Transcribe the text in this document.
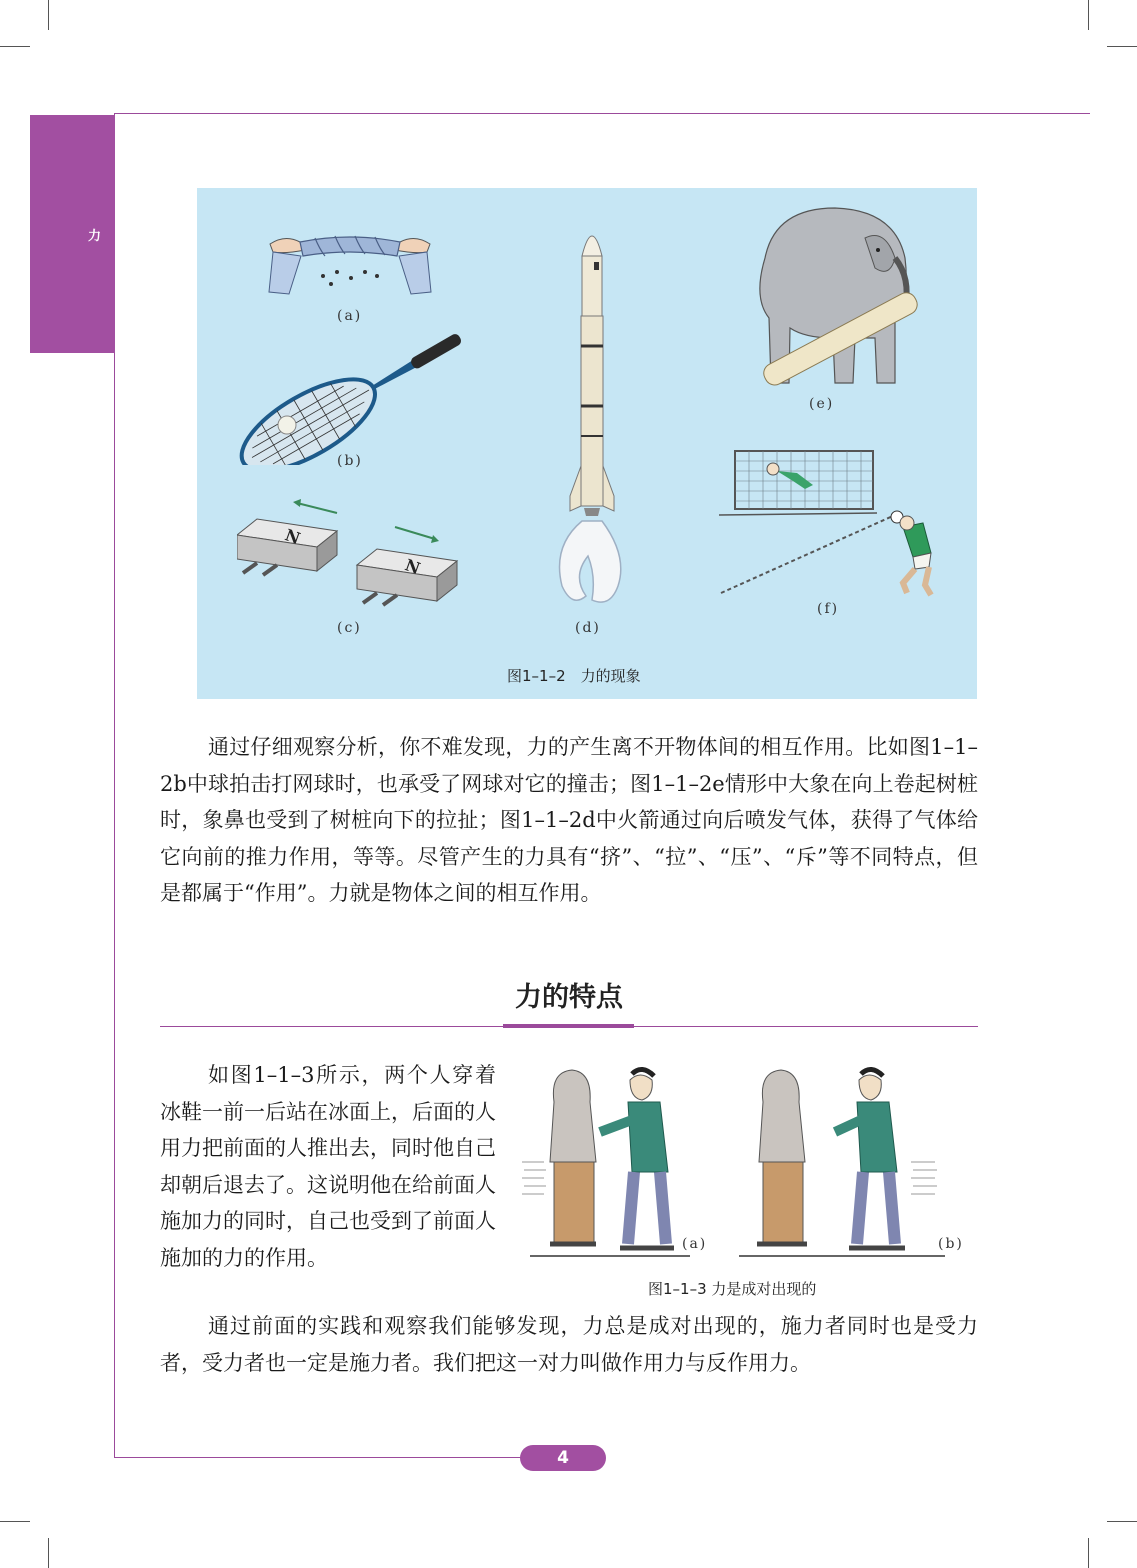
力
(a)
(b)
N
N
(c)	(d)
(e)
(f)
图1–1–2　力的现象
通过仔细观察分析，你不难发现，力的产生离不开物体间的相互作用。比如图1–1–2b中球拍击打网球时，也承受了网球对它的撞击；图1–1–2e情形中大象在向上卷起树桩时，象鼻也受到了树桩向下的拉扯；图1–1–2d中火箭通过向后喷发气体，获得了气体给它向前的推力作用，等等。尽管产生的力具有“挤”、“拉”、“压”、“斥”等不同特点，但是都属于“作用”。力就是物体之间的相互作用。
力的特点
如图1–1–3所示，两个人穿着冰鞋一前一后站在冰面上，后面的人用力把前面的人推出去，同时他自己却朝后退去了。这说明他在给前面人施加力的同时，自己也受到了前面人施加的力的作用。
(a)	(b)
图1–1–3 力是成对出现的
通过前面的实践和观察我们能够发现，力总是成对出现的，施力者同时也是受力者，受力者也一定是施力者。我们把这一对力叫做作用力与反作用力。
4
